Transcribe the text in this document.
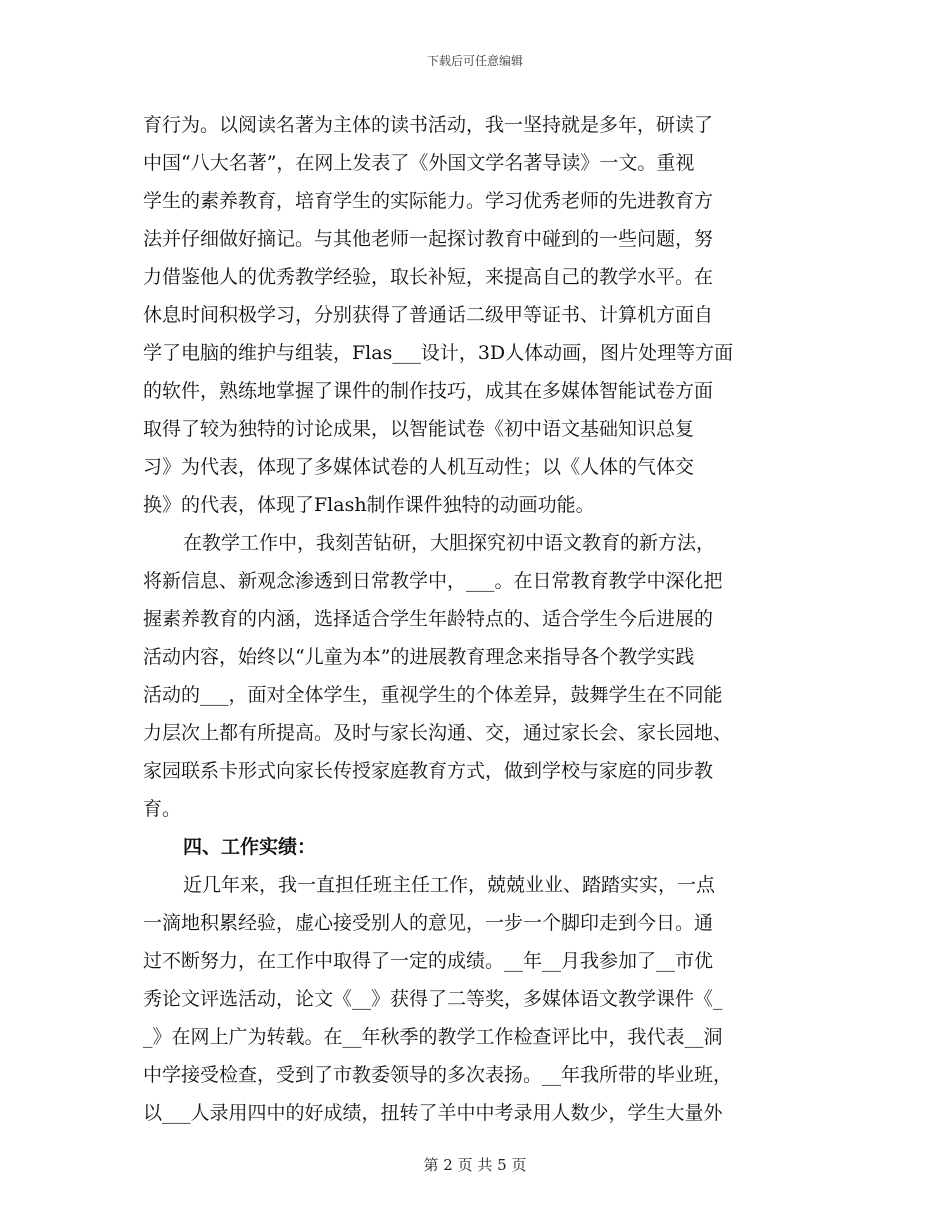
下载后可任意编辑
育行为。以阅读名著为主体的读书活动，我一坚持就是多年，研读了
中国“八大名著”，在网上发表了《外国文学名著导读》一文。重视
学生的素养教育，培育学生的实际能力。学习优秀老师的先进教育方
法并仔细做好摘记。与其他老师一起探讨教育中碰到的一些问题，努
力借鉴他人的优秀教学经验，取长补短，来提高自己的教学水平。在
休息时间积极学习，分别获得了普通话二级甲等证书、计算机方面自
学了电脑的维护与组装，Flas___设计，3D人体动画，图片处理等方面
的软件，熟练地掌握了课件的制作技巧，成其在多媒体智能试卷方面
取得了较为独特的讨论成果，以智能试卷《初中语文基础知识总复
习》为代表，体现了多媒体试卷的人机互动性；以《人体的气体交
换》的代表，体现了Flash制作课件独特的动画功能。
在教学工作中，我刻苦钻研，大胆探究初中语文教育的新方法，
将新信息、新观念渗透到日常教学中，___。在日常教育教学中深化把
握素养教育的内涵，选择适合学生年龄特点的、适合学生今后进展的
活动内容，始终以“儿童为本”的进展教育理念来指导各个教学实践
活动的___，面对全体学生，重视学生的个体差异，鼓舞学生在不同能
力层次上都有所提高。及时与家长沟通、交，通过家长会、家长园地、
家园联系卡形式向家长传授家庭教育方式，做到学校与家庭的同步教
育。
四、工作实绩：
近几年来，我一直担任班主任工作，兢兢业业、踏踏实实，一点
一滴地积累经验，虚心接受别人的意见，一步一个脚印走到今日。通
过不断努力，在工作中取得了一定的成绩。__年__月我参加了__市优
秀论文评选活动，论文《__》获得了二等奖，多媒体语文教学课件《_
_》在网上广为转载。在__年秋季的教学工作检查评比中，我代表__洞
中学接受检查，受到了市教委领导的多次表扬。__年我所带的毕业班，
以___人录用四中的好成绩，扭转了羊中中考录用人数少，学生大量外
第 2 页 共 5 页
